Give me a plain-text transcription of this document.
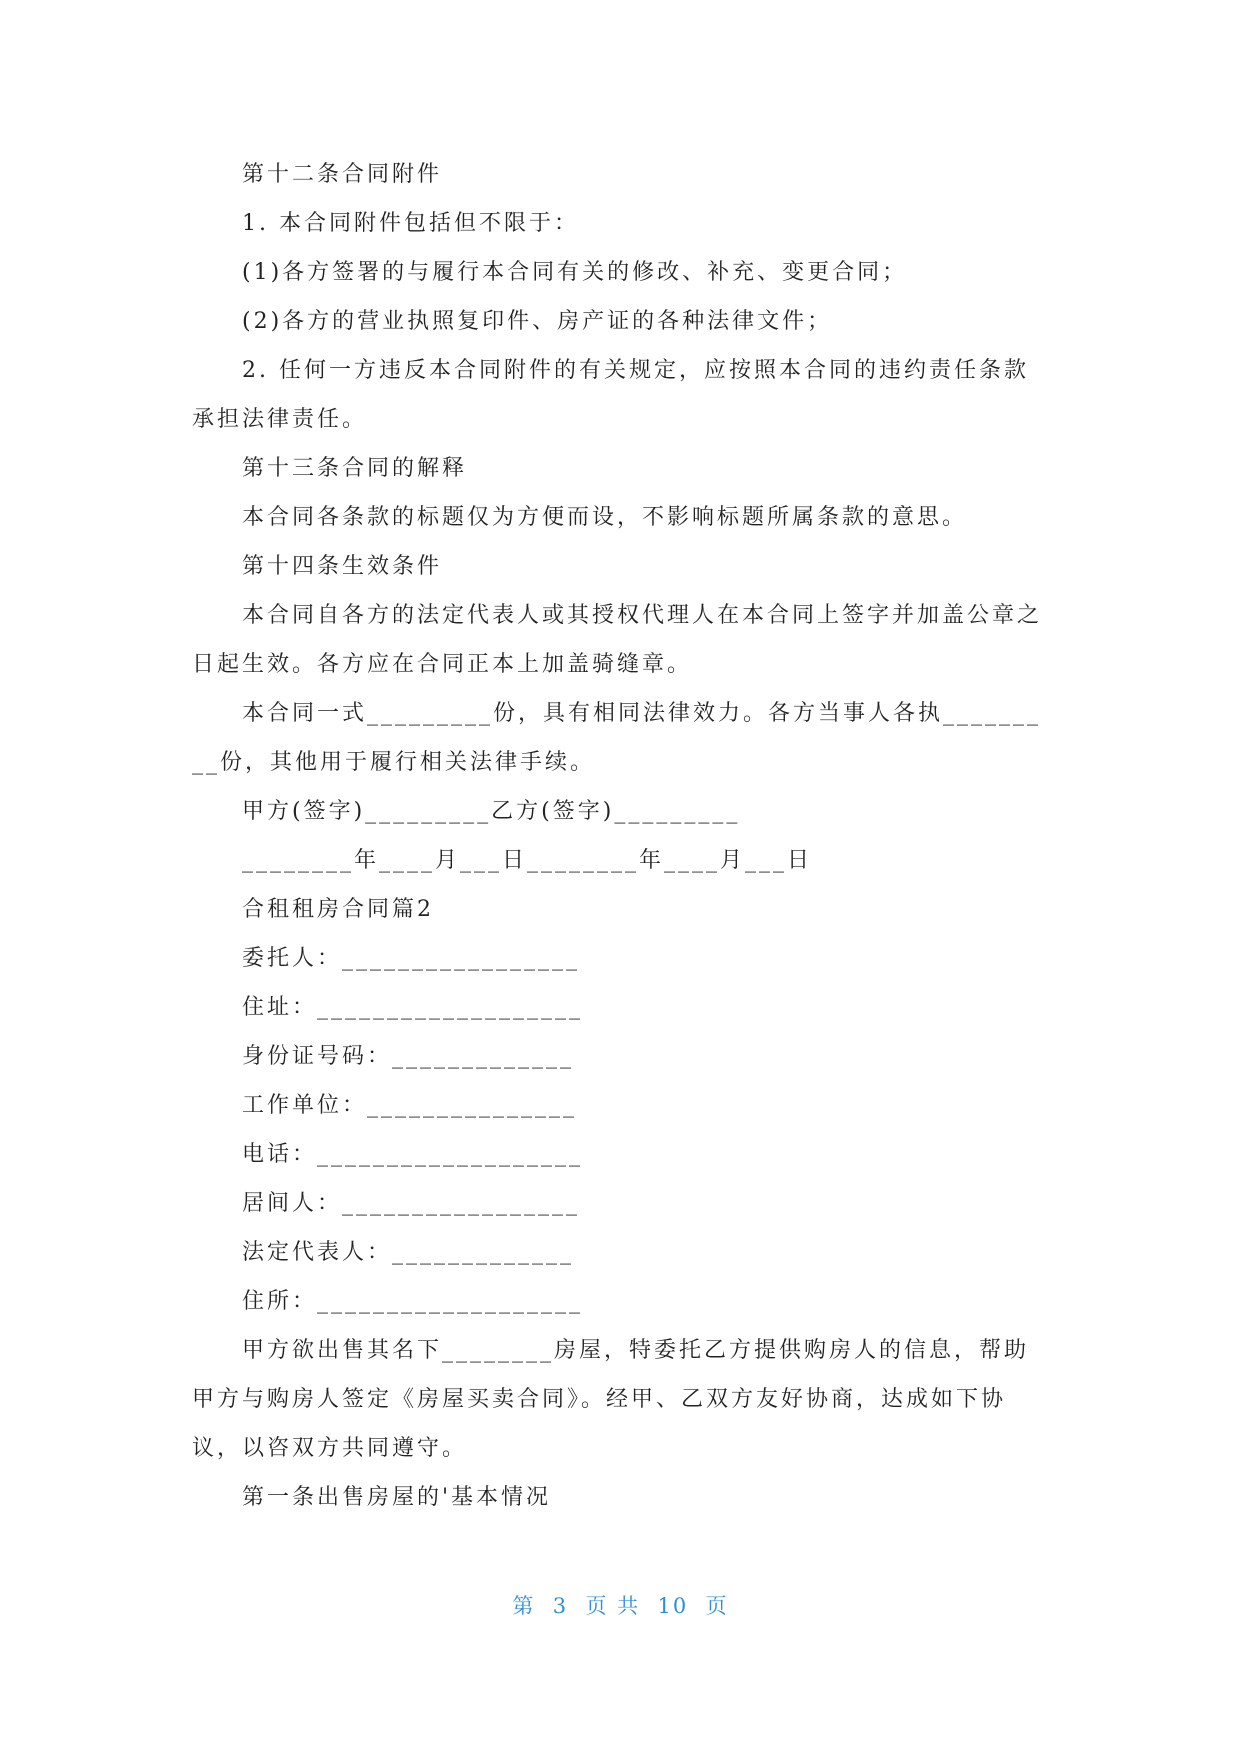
第十二条合同附件

1. 本合同附件包括但不限于：

(1)各方签署的与履行本合同有关的修改、补充、变更合同；

(2)各方的营业执照复印件、房产证的各种法律文件；

2. 任何一方违反本合同附件的有关规定，应按照本合同的违约责任条款承担法律责任。

第十三条合同的解释

本合同各条款的标题仅为方便而设，不影响标题所属条款的意思。

第十四条生效条件

本合同自各方的法定代表人或其授权代理人在本合同上签字并加盖公章之日起生效。各方应在合同正本上加盖骑缝章。

本合同一式_________份，具有相同法律效力。各方当事人各执_________份，其他用于履行相关法律手续。

甲方(签字)_________乙方(签字)_________

________年____月___日________年____月___日

合租租房合同篇2

委托人：_________________

住址：___________________

身份证号码：_____________

工作单位：_______________

电话：___________________

居间人：_________________

法定代表人：_____________

住所：___________________

甲方欲出售其名下________房屋，特委托乙方提供购房人的信息，帮助甲方与购房人签定《房屋买卖合同》。经甲、乙双方友好协商，达成如下协议，以咨双方共同遵守。

第一条出售房屋的'基本情况

第  3  页 共  10  页
